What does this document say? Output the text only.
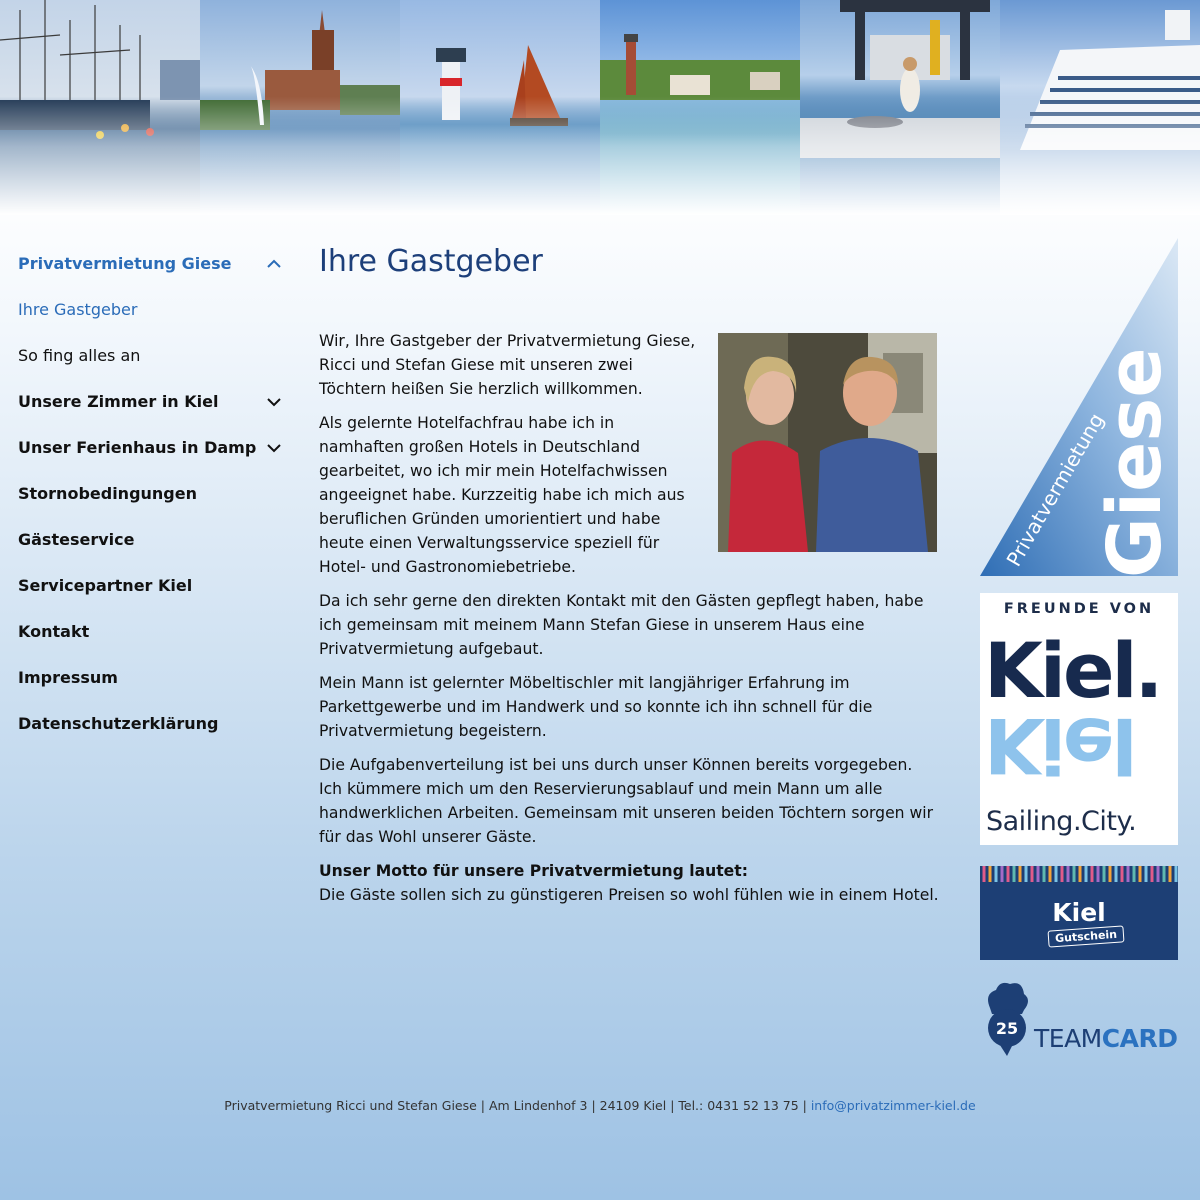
Privatvermietung Giese
Ihre Gastgeber
So fing alles an
Unsere Zimmer in Kiel
Unser Ferienhaus in Damp
Stornobedingungen
Gästeservice
Servicepartner Kiel
Kontakt
Impressum
Datenschutzerklärung
Ihre Gastgeber

Wir, Ihre Gastgeber der Privatvermietung Giese, Ricci und Stefan Giese mit unseren zwei Töchtern heißen Sie herzlich willkommen.

Als gelernte Hotelfachfrau habe ich in namhaften großen Hotels in Deutschland gearbeitet, wo ich mir mein Hotelfachwissen angeeignet habe. Kurzzeitig habe ich mich aus beruflichen Gründen umorientiert und habe heute einen Verwaltungsservice speziell für Hotel- und Gastronomiebetriebe.

Da ich sehr gerne den direkten Kontakt mit den Gästen gepflegt haben, habe ich gemeinsam mit meinem Mann Stefan Giese in unserem Haus eine Privatvermietung aufgebaut.

Mein Mann ist gelernter Möbeltischler mit langjähriger Erfahrung im Parkettgewerbe und im Handwerk und so konnte ich ihn schnell für die Privatvermietung begeistern.

Die Aufgabenverteilung ist bei uns durch unser Können bereits vorgegeben. Ich kümmere mich um den Reservierungsablauf und mein Mann um alle handwerklichen Arbeiten. Gemeinsam mit unseren beiden Töchtern sorgen wir für das Wohl unserer Gäste.

Unser Motto für unsere Privatvermietung lautet:
Die Gäste sollen sich zu günstigeren Preisen so wohl fühlen wie in einem Hotel.

Privatvermietung
Giese
FREUNDE VON
Kiel.
Kiel
Sailing.City.
Kiel
Gutschein
25 TEAMCARD
Privatvermietung Ricci und Stefan Giese | Am Lindenhof 3 | 24109 Kiel | Tel.: 0431 52 13 75 | info@privatzimmer-kiel.de
